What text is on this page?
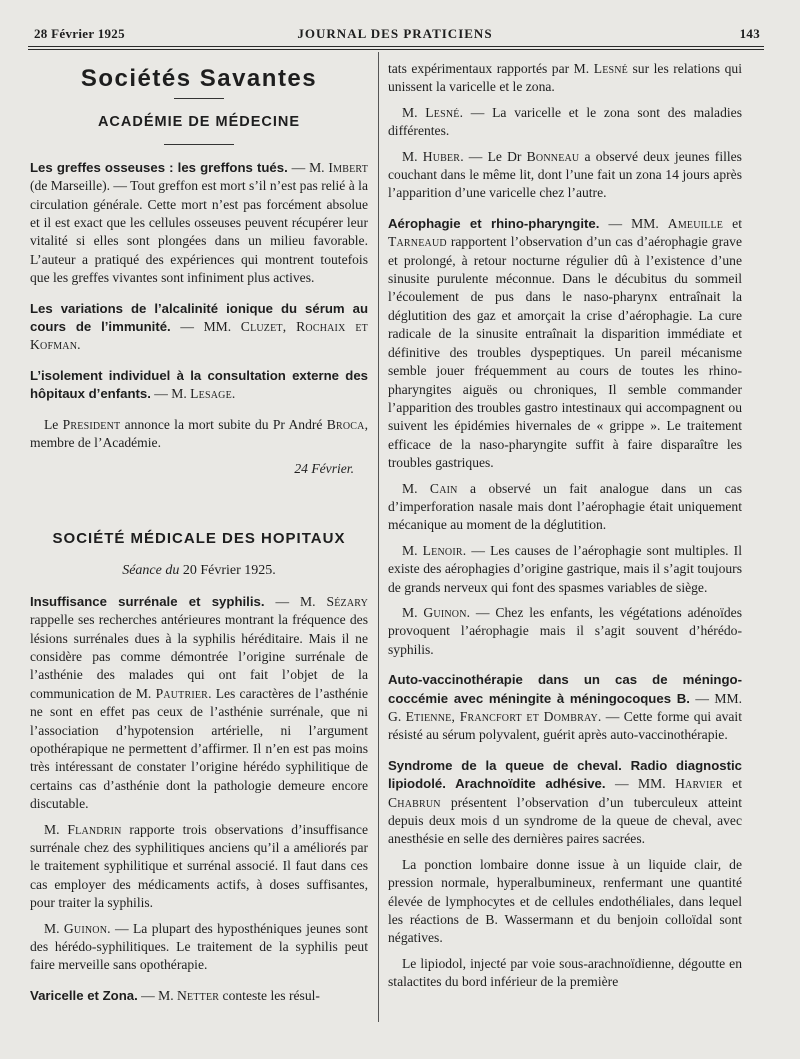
28 Février 1925	JOURNAL DES PRATICIENS	143
Sociétés Savantes
ACADÉMIE DE MÉDECINE

Les greffes osseuses : les greffons tués. — M. Imbert (de Marseille). — Tout greffon est mort s’il n’est pas relié à la circulation générale. Cette mort n’est pas forcément absolue et il est exact que les cellules osseuses peuvent récupérer leur vitalité si elles sont plongées dans un milieu favorable. L’auteur a pratiqué des expériences qui montrent toutefois que les greffes vivantes sont infiniment plus actives.

Les variations de l’alcalinité ionique du sérum au cours de l’immunité. — MM. Cluzet, Rochaix et Kofman.

L’isolement individuel à la consultation externe des hôpitaux d’enfants. — M. Lesage.

Le President annonce la mort subite du Pr André Broca, membre de l’Académie.

24 Février.
SOCIÉTÉ MÉDICALE DES HOPITAUX
Séance du 20 Février 1925.

Insuffisance surrénale et syphilis. — M. Sézary rappelle ses recherches antérieures montrant la fréquence des lésions surrénales dues à la syphilis héréditaire. Mais il ne considère pas comme démontrée l’origine surrénale de l’asthénie des malades qui ont fait l’objet de la communication de M. Pautrier. Les caractères de l’asthénie ne sont en effet pas ceux de l’asthénie surrénale, que ni l’association d’hypotension artérielle, ni l’argument opothérapique ne permettent d’affirmer. Il n’en est pas moins très intéressant de constater l’origine hérédo syphilitique de certains cas d’asthénie dont la pathologie demeure encore discutable.

M. Flandrin rapporte trois observations d’insuffisance surrénale chez des syphilitiques anciens qu’il a améliorés par le traitement syphilitique et surrénal associé. Il faut dans ces cas employer des médicaments actifs, à doses suffisantes, pour traiter la syphilis.

M. Guinon. — La plupart des hyposthéniques jeunes sont des hérédo-syphilitiques. Le traitement de la syphilis peut faire merveille sans opothérapie.

Varicelle et Zona. — M. Netter conteste les résul-

tats expérimentaux rapportés par M. Lesné sur les relations qui unissent la varicelle et le zona.

M. Lesné. — La varicelle et le zona sont des maladies différentes.

M. Huber. — Le Dr Bonneau a observé deux jeunes filles couchant dans le même lit, dont l’une fait un zona 14 jours après l’apparition d’une varicelle chez l’autre.

Aérophagie et rhino-pharyngite. — MM. Ameuille et Tarneaud rapportent l’observation d’un cas d’aérophagie grave et prolongé, à retour nocturne régulier dû à l’existence d’une sinusite purulente méconnue. Dans le décubitus du sommeil l’écoulement de pus dans le naso-pharynx entraînait la déglutition des gaz et amorçait la crise d’aérophagie. La cure radicale de la sinusite entraînait la disparition immédiate et définitive des troubles dyspeptiques. Un pareil mécanisme semble jouer fréquemment au cours de toutes les rhino-pharyngites aiguës ou chroniques, Il semble commander l’apparition des troubles gastro intestinaux qui accompagnent ou suivent les épidémies hivernales de « grippe ». Le traitement efficace de la naso-pharyngite suffit à faire disparaître les troubles gastriques.

M. Cain a observé un fait analogue dans un cas d’imperforation nasale mais dont l’aérophagie était uniquement mécanique au moment de la déglutition.

M. Lenoir. — Les causes de l’aérophagie sont multiples. Il existe des aérophagies d’origine gastrique, mais il s’agit toujours de grands nerveux qui font des spasmes variables de siège.

M. Guinon. — Chez les enfants, les végétations adénoïdes provoquent l’aérophagie mais il s’agit souvent d’hérédo-syphilis.

Auto-vaccinothérapie dans un cas de méningo-coccémie avec méningite à méningocoques B. — MM. G. Etienne, Francfort et Dombray. — Cette forme qui avait résisté au sérum polyvalent, guérit après auto-vaccinothérapie.

Syndrome de la queue de cheval. Radio diagnostic lipiodolé. Arachnoïdite adhésive. — MM. Harvier et Chabrun présentent l’observation d’un tuberculeux atteint depuis deux mois d un syndrome de la queue de cheval, avec anesthésie en selle des dernières paires sacrées.

La ponction lombaire donne issue à un liquide clair, de pression normale, hyperalbumineux, renfermant une quantité élevée de lymphocytes et de cellules endothéliales, dans lequel les réactions de B. Wassermann et du benjoin colloïdal sont négatives.

Le lipiodol, injecté par voie sous-arachnoïdienne, dégoutte en stalactites du bord inférieur de la première
